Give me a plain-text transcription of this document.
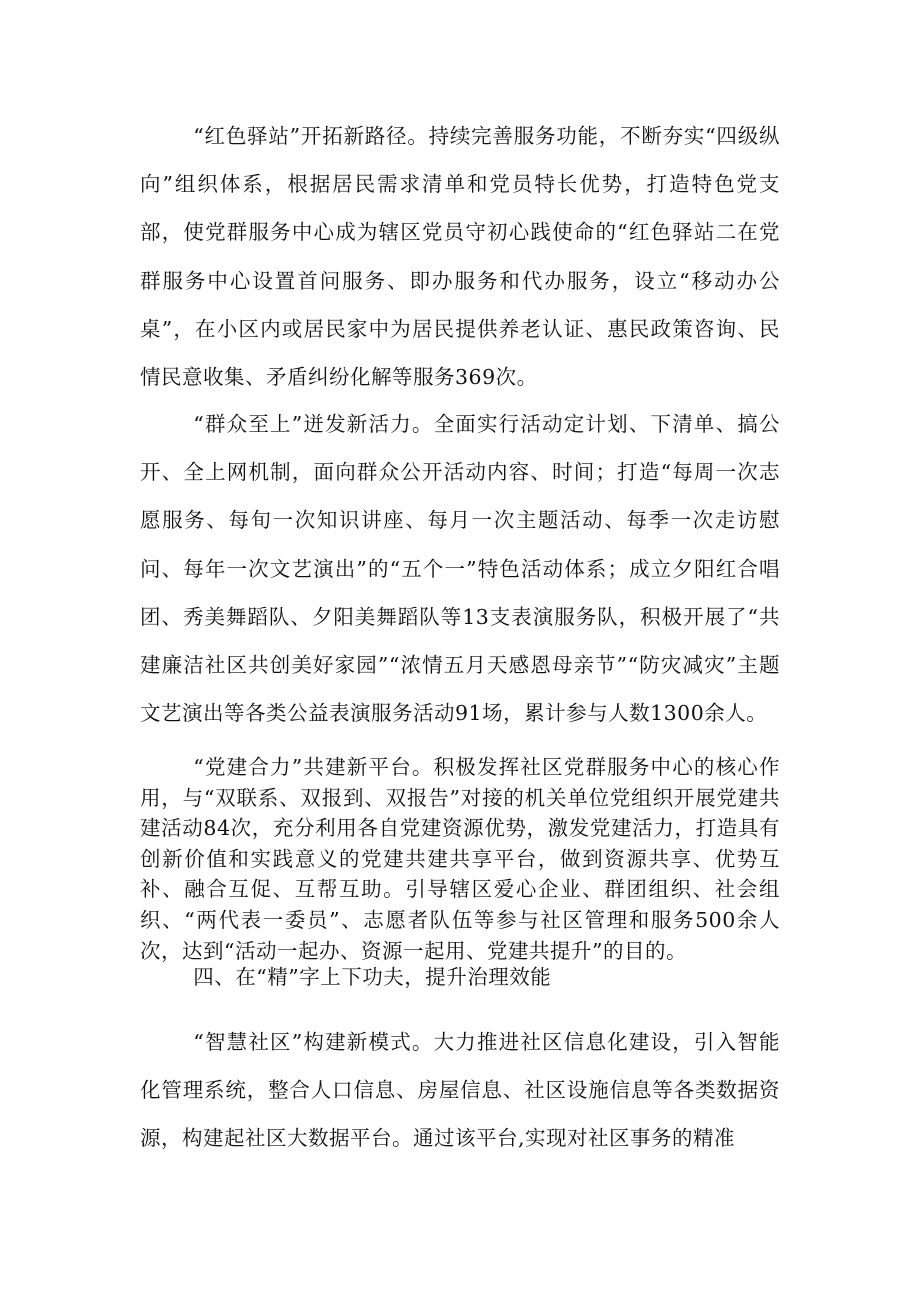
“红色驿站”开拓新路径。持续完善服务功能，不断夯实“四级纵向”组织体系，根据居民需求清单和党员特长优势，打造特色党支部，使党群服务中心成为辖区党员守初心践使命的“红色驿站二在党群服务中心设置首问服务、即办服务和代办服务，设立“移动办公桌”，在小区内或居民家中为居民提供养老认证、惠民政策咨询、民情民意收集、矛盾纠纷化解等服务369次。

“群众至上”迸发新活力。全面实行活动定计划、下清单、搞公开、全上网机制，面向群众公开活动内容、时间；打造“每周一次志愿服务、每旬一次知识讲座、每月一次主题活动、每季一次走访慰问、每年一次文艺演出”的“五个一”特色活动体系；成立夕阳红合唱团、秀美舞蹈队、夕阳美舞蹈队等13支表演服务队，积极开展了“共建廉洁社区共创美好家园”“浓情五月天感恩母亲节”“防灾减灾”主题文艺演出等各类公益表演服务活动91场，累计参与人数1300余人。

“党建合力”共建新平台。积极发挥社区党群服务中心的核心作用，与“双联系、双报到、双报告”对接的机关单位党组织开展党建共建活动84次，充分利用各自党建资源优势，激发党建活力，打造具有创新价值和实践意义的党建共建共享平台，做到资源共享、优势互补、融合互促、互帮互助。引导辖区爱心企业、群团组织、社会组织、“两代表一委员”、志愿者队伍等参与社区管理和服务500余人次，达到“活动一起办、资源一起用、党建共提升”的目的。

四、在“精”字上下功夫，提升治理效能

“智慧社区”构建新模式。大力推进社区信息化建设，引入智能化管理系统，整合人口信息、房屋信息、社区设施信息等各类数据资源，构建起社区大数据平台。通过该平台,实现对社区事务的精准
